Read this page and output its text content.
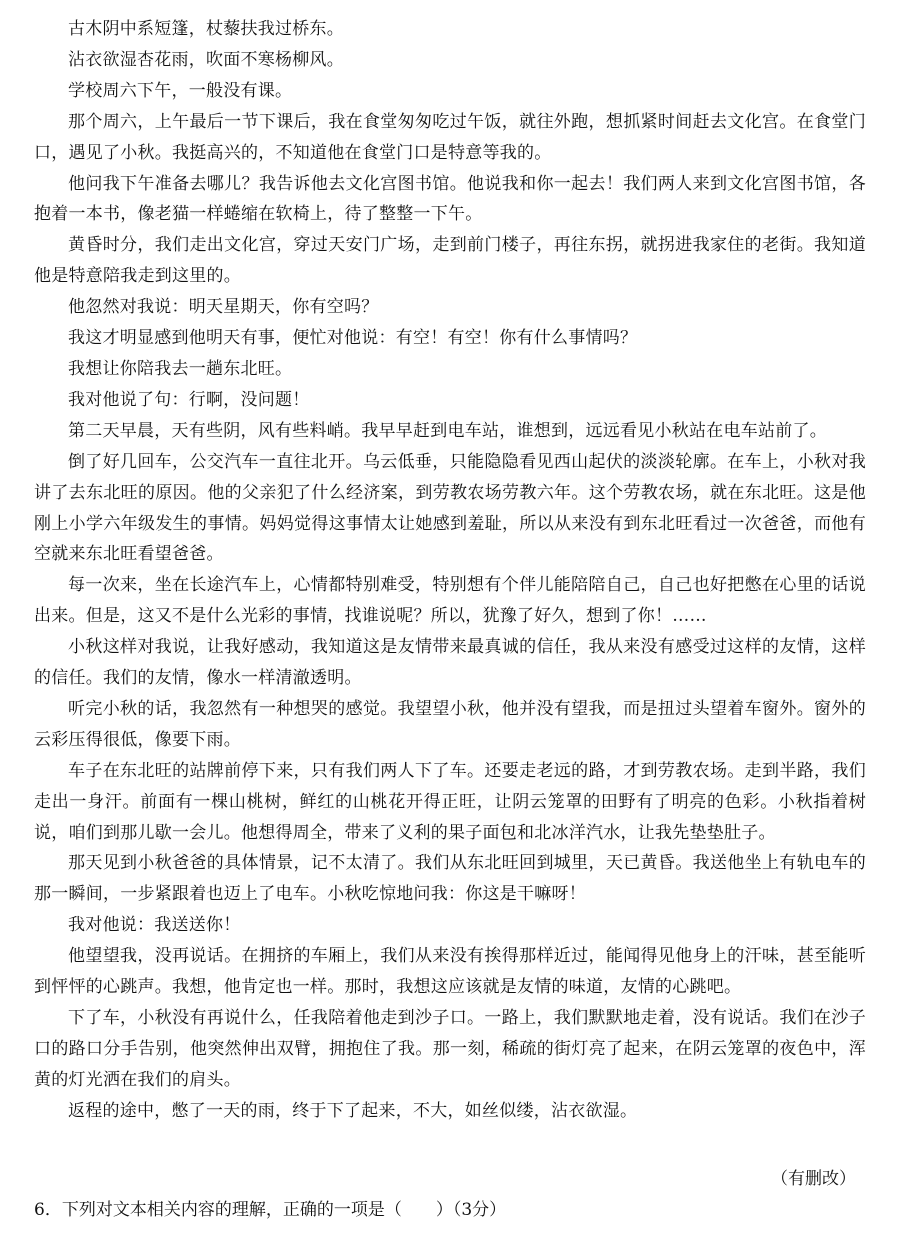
古木阴中系短篷，杖藜扶我过桥东。

沾衣欲湿杏花雨，吹面不寒杨柳风。

学校周六下午，一般没有课。

那个周六，上午最后一节下课后，我在食堂匆匆吃过午饭，就往外跑，想抓紧时间赶去文化宫。在食堂门口，遇见了小秋。我挺高兴的，不知道他在食堂门口是特意等我的。

他问我下午准备去哪儿？我告诉他去文化宫图书馆。他说我和你一起去！我们两人来到文化宫图书馆，各抱着一本书，像老猫一样蜷缩在软椅上，待了整整一下午。

黄昏时分，我们走出文化宫，穿过天安门广场，走到前门楼子，再往东拐，就拐进我家住的老街。我知道他是特意陪我走到这里的。

他忽然对我说：明天星期天，你有空吗？

我这才明显感到他明天有事，便忙对他说：有空！有空！你有什么事情吗？

我想让你陪我去一趟东北旺。

我对他说了句：行啊，没问题！

第二天早晨，天有些阴，风有些料峭。我早早赶到电车站，谁想到，远远看见小秋站在电车站前了。

倒了好几回车，公交汽车一直往北开。乌云低垂，只能隐隐看见西山起伏的淡淡轮廓。在车上，小秋对我讲了去东北旺的原因。他的父亲犯了什么经济案，到劳教农场劳教六年。这个劳教农场，就在东北旺。这是他刚上小学六年级发生的事情。妈妈觉得这事情太让她感到羞耻，所以从来没有到东北旺看过一次爸爸，而他有空就来东北旺看望爸爸。

每一次来，坐在长途汽车上，心情都特别难受，特别想有个伴儿能陪陪自己，自己也好把憋在心里的话说出来。但是，这又不是什么光彩的事情，找谁说呢？所以，犹豫了好久，想到了你！……

小秋这样对我说，让我好感动，我知道这是友情带来最真诚的信任，我从来没有感受过这样的友情，这样的信任。我们的友情，像水一样清澈透明。

听完小秋的话，我忽然有一种想哭的感觉。我望望小秋，他并没有望我，而是扭过头望着车窗外。窗外的云彩压得很低，像要下雨。

车子在东北旺的站牌前停下来，只有我们两人下了车。还要走老远的路，才到劳教农场。走到半路，我们走出一身汗。前面有一棵山桃树，鲜红的山桃花开得正旺，让阴云笼罩的田野有了明亮的色彩。小秋指着树说，咱们到那儿歇一会儿。他想得周全，带来了义利的果子面包和北冰洋汽水，让我先垫垫肚子。

那天见到小秋爸爸的具体情景，记不太清了。我们从东北旺回到城里，天已黄昏。我送他坐上有轨电车的那一瞬间，一步紧跟着也迈上了电车。小秋吃惊地问我：你这是干嘛呀！

我对他说：我送送你！

他望望我，没再说话。在拥挤的车厢上，我们从来没有挨得那样近过，能闻得见他身上的汗味，甚至能听到怦怦的心跳声。我想，他肯定也一样。那时，我想这应该就是友情的味道，友情的心跳吧。

下了车，小秋没有再说什么，任我陪着他走到沙子口。一路上，我们默默地走着，没有说话。我们在沙子口的路口分手告别，他突然伸出双臂，拥抱住了我。那一刻，稀疏的街灯亮了起来，在阴云笼罩的夜色中，浑黄的灯光洒在我们的肩头。

返程的途中，憋了一天的雨，终于下了起来，不大，如丝似缕，沾衣欲湿。

（有删改）
6．下列对文本相关内容的理解，正确的一项是（　　）（3分）
